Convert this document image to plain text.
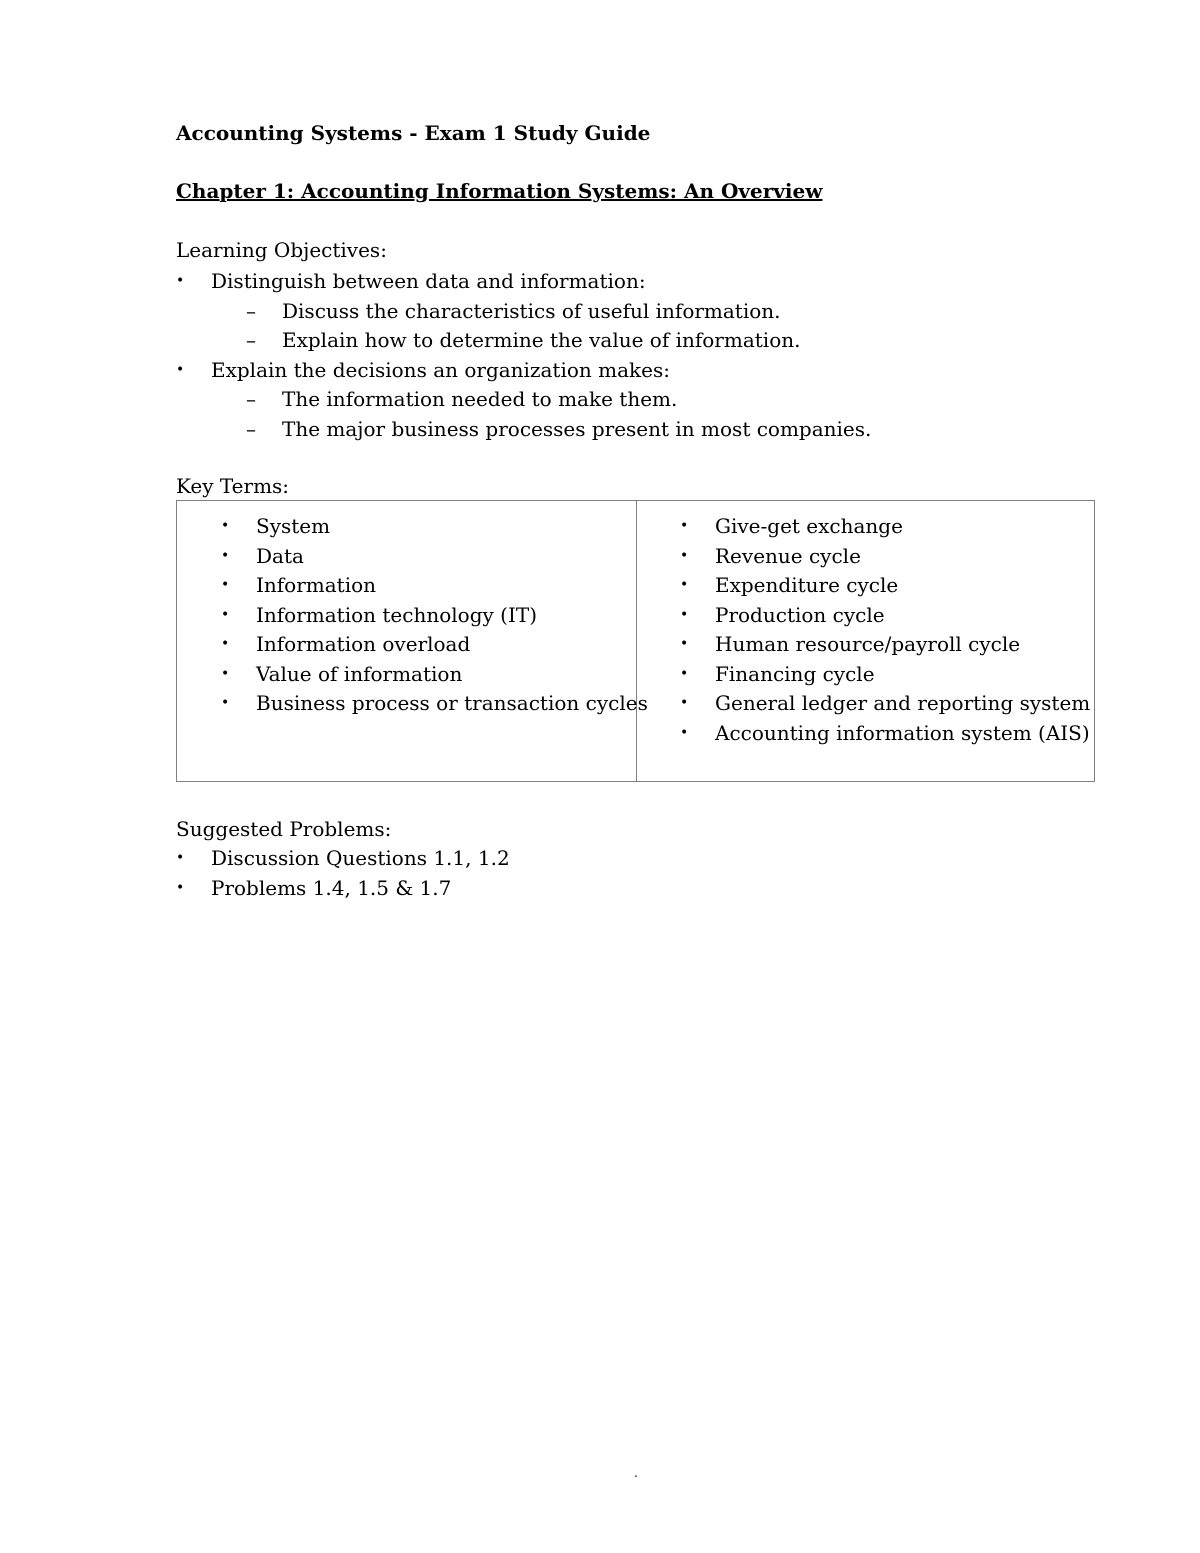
Accounting Systems - Exam 1 Study Guide
Chapter 1: Accounting Information Systems: An Overview
Learning Objectives:
• Distinguish between data and information:
– Discuss the characteristics of useful information.
– Explain how to determine the value of information.
• Explain the decisions an organization makes:
– The information needed to make them.
– The major business processes present in most companies.
Key Terms:
• System
• Data
• Information
• Information technology (IT)
• Information overload
• Value of information
• Business process or transaction cycles
• Give-get exchange
• Revenue cycle
• Expenditure cycle
• Production cycle
• Human resource/payroll cycle
• Financing cycle
• General ledger and reporting system
• Accounting information system (AIS)
Suggested Problems:
• Discussion Questions 1.1, 1.2
• Problems 1.4, 1.5 & 1.7
.
